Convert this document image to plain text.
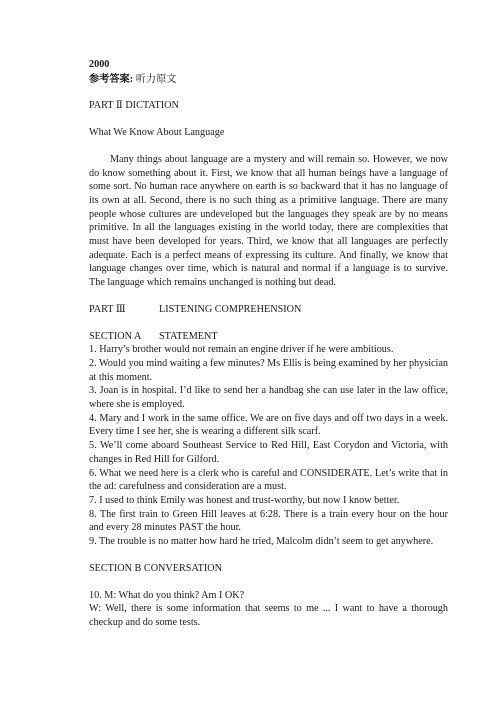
2000

参考答案: 听力原文

PART Ⅱ DICTATION

What We Know About Language

Many things about language are a mystery and will remain so. However, we now do know something about it. First, we know that all human beings have a language of some sort. No human race anywhere on earth is so backward that it has no language of its own at all. Second, there is no such thing as a primitive language. There are many people whose cultures are undeveloped but the languages they speak are by no means primitive. In all the languages existing in the world today, there are complexities that must have been developed for years. Third, we know that all languages are perfectly adequate. Each is a perfect means of expressing its culture. And finally, we know that language changes over time, which is natural and normal if a language is to survive. The language which remains unchanged is nothing but dead.

PART Ⅲ	LISTENING COMPREHENSION

SECTION A STATEMENT

1. Harry’s brother would not remain an engine driver if he were ambitious.

2. Would you mind waiting a few minutes? Ms Ellis is being examined by her physician at this moment.

3. Joan is in hospital. I’d like to send her a handbag she can use later in the law office, where she is employed.

4. Mary and I work in the same office. We are on five days and off two days in a week. Every time I see her, she is wearing a different silk scarf.

5. We’ll come aboard Southeast Service to Red Hill, East Corydon and Victoria, with changes in Red Hill for Gilford.

6. What we need here is a clerk who is careful and CONSIDERATE. Let’s write that in the ad: carefulness and consideration are a must.

7. I used to think Emily was honest and trust-worthy, but now I know better.

8. The first train to Green Hill leaves at 6:28. There is a train every hour on the hour and every 28 minutes PAST the hour.

9. The trouble is no matter how hard he tried, Malcolm didn’t seem to get anywhere.

SECTION B CONVERSATION

10. M: What do you think? Am I OK?

W: Well, there is some information that seems to me ... I want to have a thorough checkup and do some tests.
